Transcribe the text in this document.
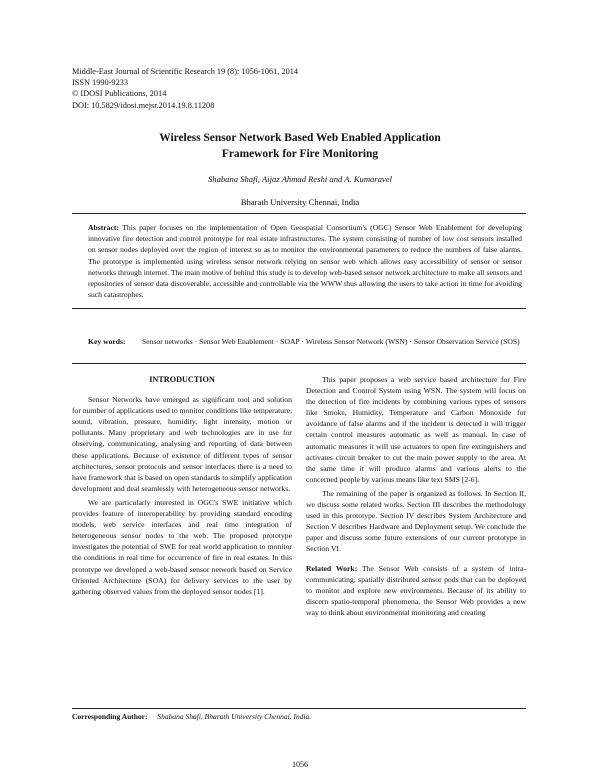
Middle-East Journal of Scientific Research 19 (8): 1056-1061, 2014
ISSN 1990-9233
© IDOSI Publications, 2014
DOI: 10.5829/idosi.mejsr.2014.19.8.11208
Wireless Sensor Network Based Web Enabled Application
Framework for Fire Monitoring
Shabana Shafi, Aijaz Ahmad Reshi and A. Kumaravel
Bharath University Chennai, India
Abstract: This paper focuses on the implementation of Open Geospatial Consortium's (OGC) Sensor Web Enablement for developing innovative fire detection and control prototype for real estate infrastructures. The system consisting of number of low cost sensors installed on sensor nodes deployed over the region of interest so as to monitor the environmental parameters to reduce the numbers of false alarms. The prototype is implemented using wireless sensor network relying on sensor web which allows easy accessibility of sensor or sensor networks through internet. The main motive of behind this study is to develop web-based sensor network architecture to make all sensors and repositories of sensor data discoverable, accessible and controllable via the WWW thus allowing the users to take action in time for avoiding such catastrophes.
Key words:	Sensor networks · Sensor Web Enablement · SOAP · Wireless Sensor Network (WSN) · Sensor Observation Service (SOS)
INTRODUCTION

Sensor Networks have emerged as significant tool and solution for number of applications used to monitor conditions like temperature, sound, vibration, pressure, humidity, light intensity, motion or pollutants. Many proprietary and web technologies are in use for observing, communicating, analysing and reporting of data between these applications. Because of existence of different types of sensor architectures, sensor protocols and sensor interfaces there is a need to have framework that is based on open standards to simplify application development and deal seamlessly with heterogeneous sensor networks.

We are particularly interested in OGC's SWE initiative which provides feature of interoperability by providing standard encoding models, web service interfaces and real time integration of heterogeneous sensor nodes to the web. The proposed prototype investigates the potential of SWE for real world application to monitor the conditions in real time for occurrence of fire in real estates. In this prototype we developed a web-based sensor network based on Service Oriented Architecture (SOA) for delivery services to the user by gathering observed values from the deployed sensor nodes [1].

This paper proposes a web service based architecture for Fire Detection and Control System using WSN. The system will focus on the detection of fire incidents by combining various types of sensors like Smoke, Humidity, Temperature and Carbon Monoxide for avoidance of false alarms and if the incident is detected it will trigger certain control measures automatic as well as manual. In case of automatic measures it will use actuators to open fire extinguishers and activates circuit breaker to cut the main power supply to the area. At the same time it will produce alarms and various alerts to the concerned people by various means like text SMS [2-6].

The remaining of the paper is organized as follows. In Section II, we discuss some related works. Section III describes the methodology used in this prototype. Section IV describes System Architecture and Section V describes Hardware and Deployment setup. We conclude the paper and discuss some future extensions of our current prototype in Section VI.

Related Work: The Sensor Web consists of a system of intra-communicating, spatially distributed sensor pods that can be deployed to monitor and explore new environments. Because of its ability to discern spatio-temporal phenomena, the Sensor Web provides a new way to think about environmental monitoring and creating

Corresponding Author: Shabana Shafi, Bharath University Chennai, India.
1056
